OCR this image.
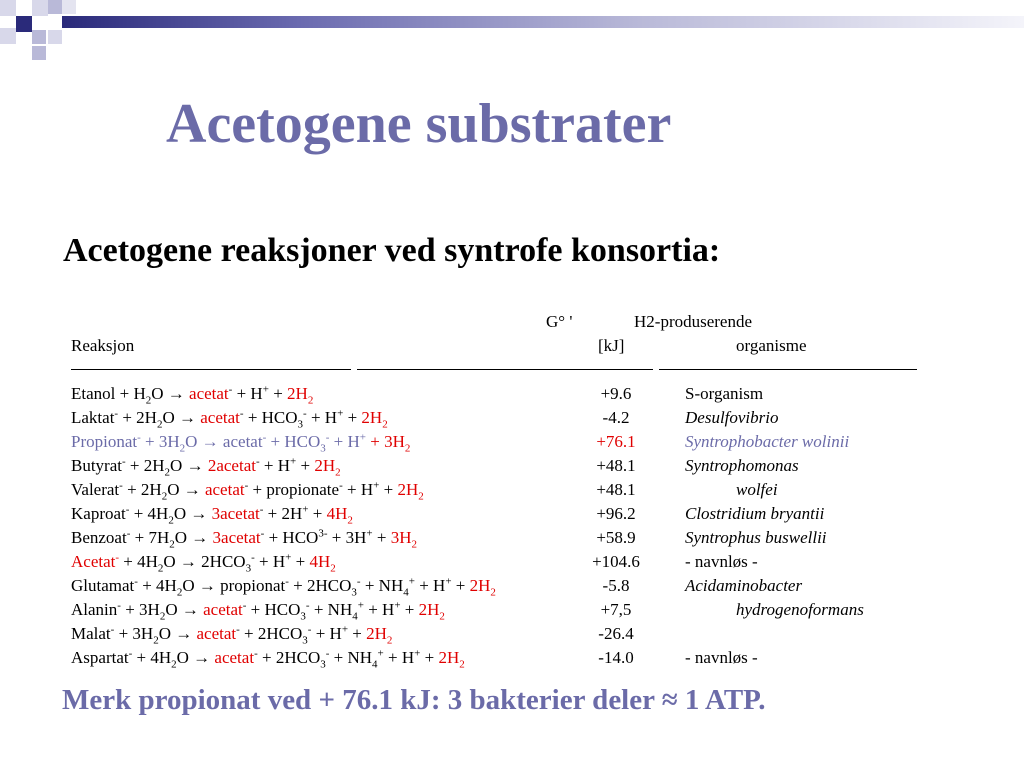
Acetogene substrater
Acetogene reaksjoner ved syntrofe konsortia:
G° '	H2-produserende
Reaksjon	[kJ]	organisme
Etanol + $H_2O$ → acetat- + $H^+ + 2H_2$	+9.6	S-organism
Laktat- + $2H_2O$ → acetat- + $HCO_3^- + H^+ + 2H_2$	-4.2	Desulfovibrio
Propionat- + $3H_2O$ → acetat- + $HCO_3^- + H^+ + 3H_2$	+76.1	Syntrophobacter wolinii
Butyrat- + $2H_2O$ → 2acetat- + $H^+ + 2H_2$	+48.1	Syntrophomonas
Valerat- + $2H_2O$ → acetat- + propionate- + $H^+ + 2H_2$	+48.1	wolfei
Kaproat- + $4H_2O$ → 3acetat- + $2H^+ + 4H_2$	+96.2	Clostridium bryantii
Benzoat- + $7H_2O$ → 3acetat- + $HCO^{3-} + 3H^+ + 3H_2$	+58.9	Syntrophus buswellii
Acetat- + $4H_2O \to 2HCO_3^- + H^+ + 4H_2$	+104.6	- navnløs -
Glutamat- + $4H_2O$ → propionat- + $2HCO_3^- + NH_4^+ + H^+ + 2H_2$	-5.8	Acidaminobacter
Alanin- + $3H_2O$ → acetat- + $HCO_3^- + NH_4^+ + H^+ + 2H_2$	+7,5	hydrogenoformans
Malat- + $3H_2O$ → acetat- + $2HCO_3^- + H^+ + 2H_2$	-26.4
Aspartat- + $4H_2O$ → acetat- + $2HCO_3^- + NH_4^+ + H^+ + 2H_2$	-14.0	- navnløs -
Merk propionat ved + 76.1 kJ: 3 bakterier deler ≈ 1 ATP.
